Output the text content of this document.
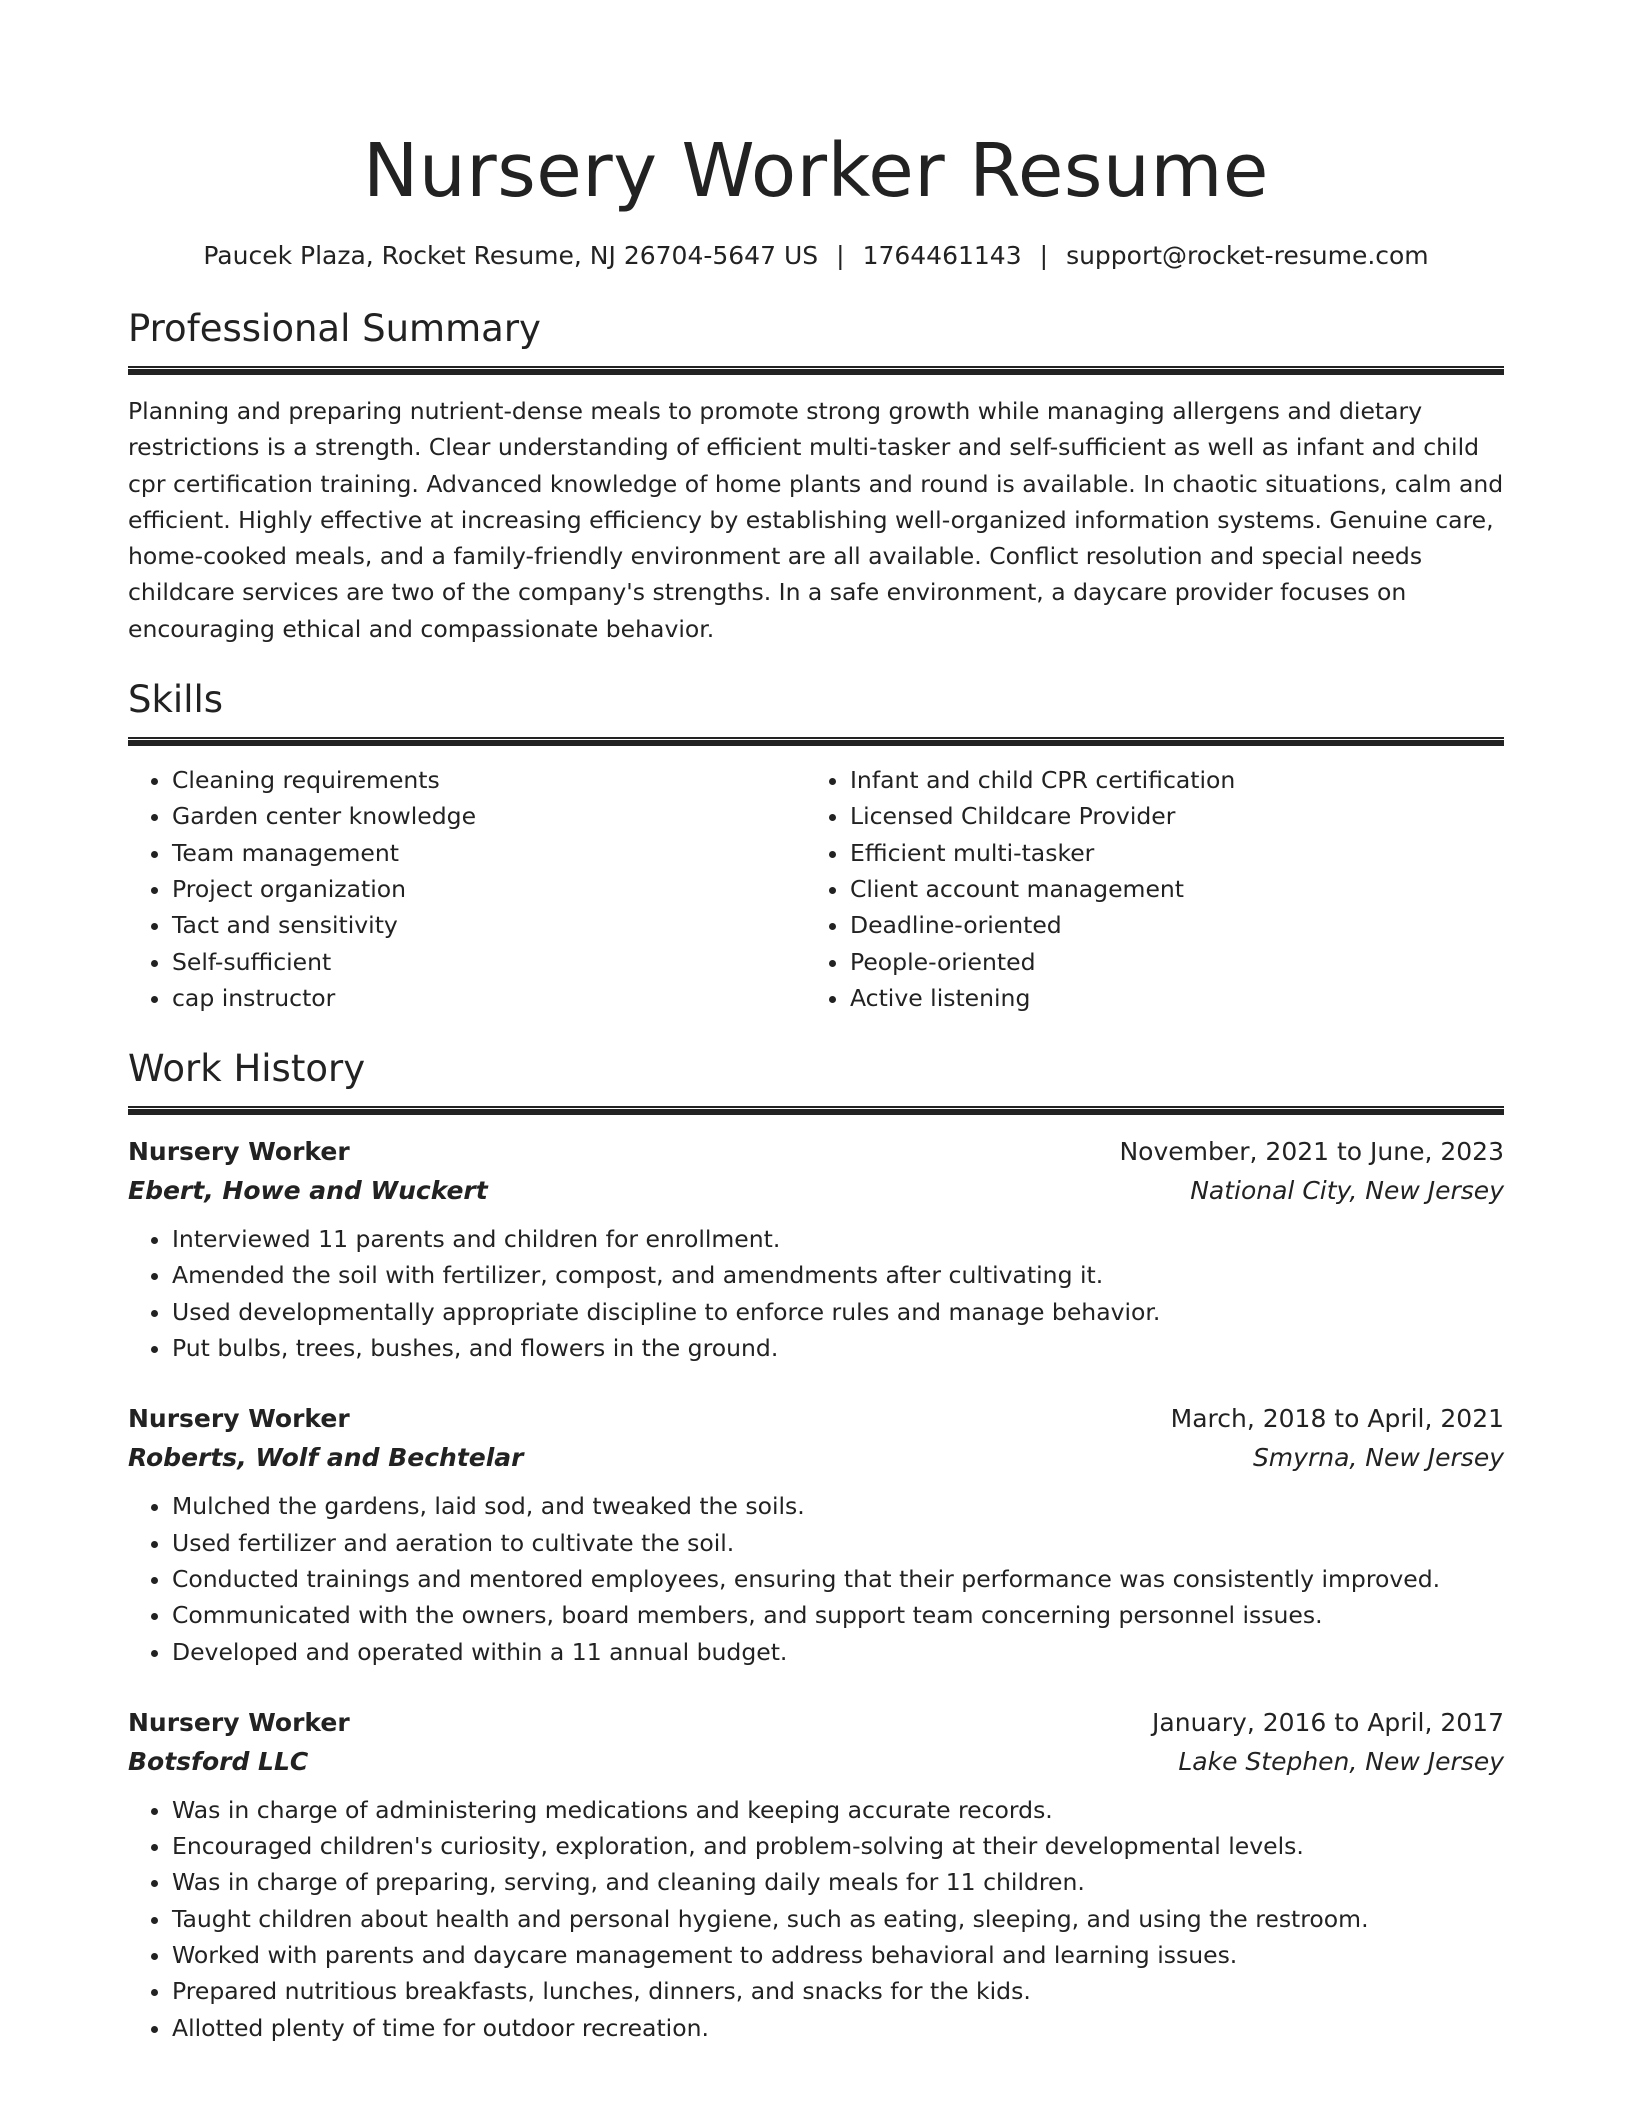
Nursery Worker Resume
Paucek Plaza, Rocket Resume, NJ 26704-5647 US | 1764461143 | support@rocket-resume.com
Professional Summary

Planning and preparing nutrient-dense meals to promote strong growth while managing allergens and dietary restrictions is a strength. Clear understanding of efficient multi-tasker and self-sufficient as well as infant and child cpr certification training. Advanced knowledge of home plants and round is available. In chaotic situations, calm and efficient. Highly effective at increasing efficiency by establishing well-organized information systems. Genuine care, home-cooked meals, and a family-friendly environment are all available. Conflict resolution and special needs childcare services are two of the company's strengths. In a safe environment, a daycare provider focuses on encouraging ethical and compassionate behavior.

Skills
• Cleaning requirements
• Garden center knowledge
• Team management
• Project organization
• Tact and sensitivity
• Self-sufficient
• cap instructor
• Infant and child CPR certification
• Licensed Childcare Provider
• Efficient multi-tasker
• Client account management
• Deadline-oriented
• People-oriented
• Active listening
Work History
Nursery Worker	November, 2021 to June, 2023
Ebert, Howe and Wuckert	National City, New Jersey
• Interviewed 11 parents and children for enrollment.
• Amended the soil with fertilizer, compost, and amendments after cultivating it.
• Used developmentally appropriate discipline to enforce rules and manage behavior.
• Put bulbs, trees, bushes, and flowers in the ground.
Nursery Worker	March, 2018 to April, 2021
Roberts, Wolf and Bechtelar	Smyrna, New Jersey
• Mulched the gardens, laid sod, and tweaked the soils.
• Used fertilizer and aeration to cultivate the soil.
• Conducted trainings and mentored employees, ensuring that their performance was consistently improved.
• Communicated with the owners, board members, and support team concerning personnel issues.
• Developed and operated within a 11 annual budget.
Nursery Worker	January, 2016 to April, 2017
Botsford LLC	Lake Stephen, New Jersey
• Was in charge of administering medications and keeping accurate records.
• Encouraged children's curiosity, exploration, and problem-solving at their developmental levels.
• Was in charge of preparing, serving, and cleaning daily meals for 11 children.
• Taught children about health and personal hygiene, such as eating, sleeping, and using the restroom.
• Worked with parents and daycare management to address behavioral and learning issues.
• Prepared nutritious breakfasts, lunches, dinners, and snacks for the kids.
• Allotted plenty of time for outdoor recreation.
